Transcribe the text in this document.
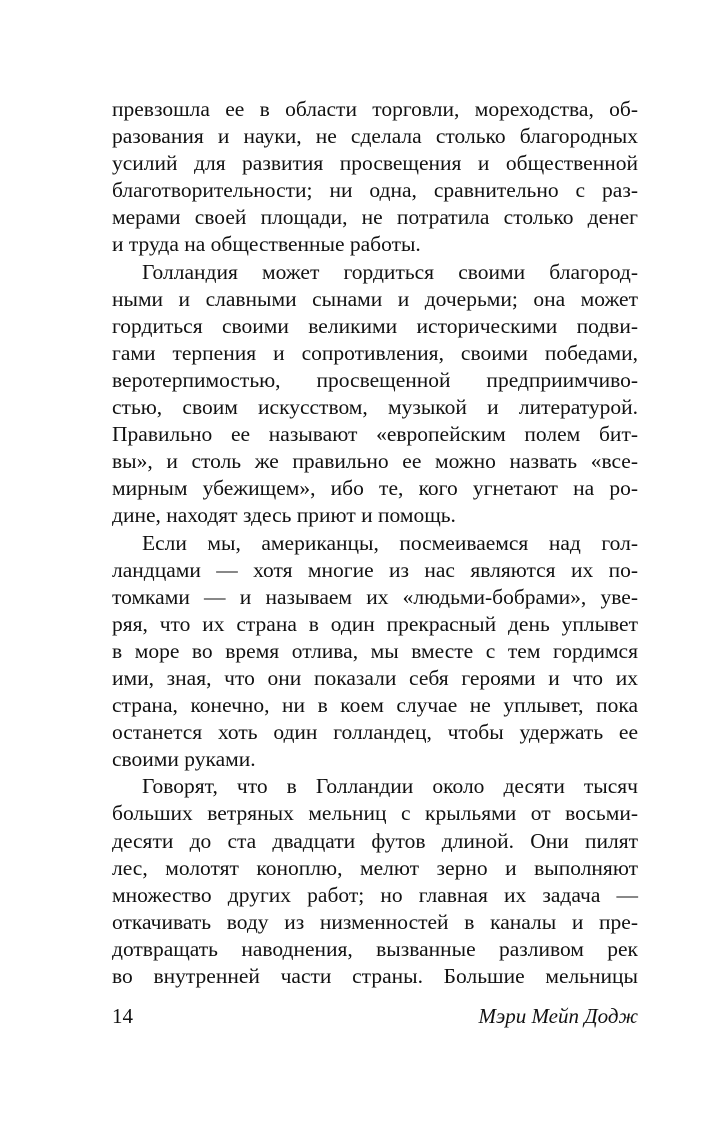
превзошла ее в области торговли, мореходства, об-
разования и науки, не сделала столько благородных
усилий для развития просвещения и общественной
благотворительности; ни одна, сравнительно с раз-
мерами своей площади, не потратила столько денег
и труда на общественные работы.
Голландия может гордиться своими благород-
ными и славными сынами и дочерьми; она может
гордиться своими великими историческими подви-
гами терпения и сопротивления, своими победами,
веротерпимостью, просвещенной предприимчиво-
стью, своим искусством, музыкой и литературой.
Правильно ее называют «европейским полем бит-
вы», и столь же правильно ее можно назвать «все-
мирным убежищем», ибо те, кого угнетают на ро-
дине, находят здесь приют и помощь.
Если мы, американцы, посмеиваемся над гол-
ландцами — хотя многие из нас являются их по-
томками — и называем их «людьми-бобрами», уве-
ряя, что их страна в один прекрасный день уплывет
в море во время отлива, мы вместе с тем гордимся
ими, зная, что они показали себя героями и что их
страна, конечно, ни в коем случае не уплывет, пока
останется хоть один голландец, чтобы удержать ее
своими руками.
Говорят, что в Голландии около десяти тысяч
больших ветряных мельниц с крыльями от восьми-
десяти до ста двадцати футов длиной. Они пилят
лес, молотят коноплю, мелют зерно и выполняют
множество других работ; но главная их задача —
откачивать воду из низменностей в каналы и пре-
дотвращать наводнения, вызванные разливом рек
во внутренней части страны. Большие мельницы
14	Мэри Мейп Додж
